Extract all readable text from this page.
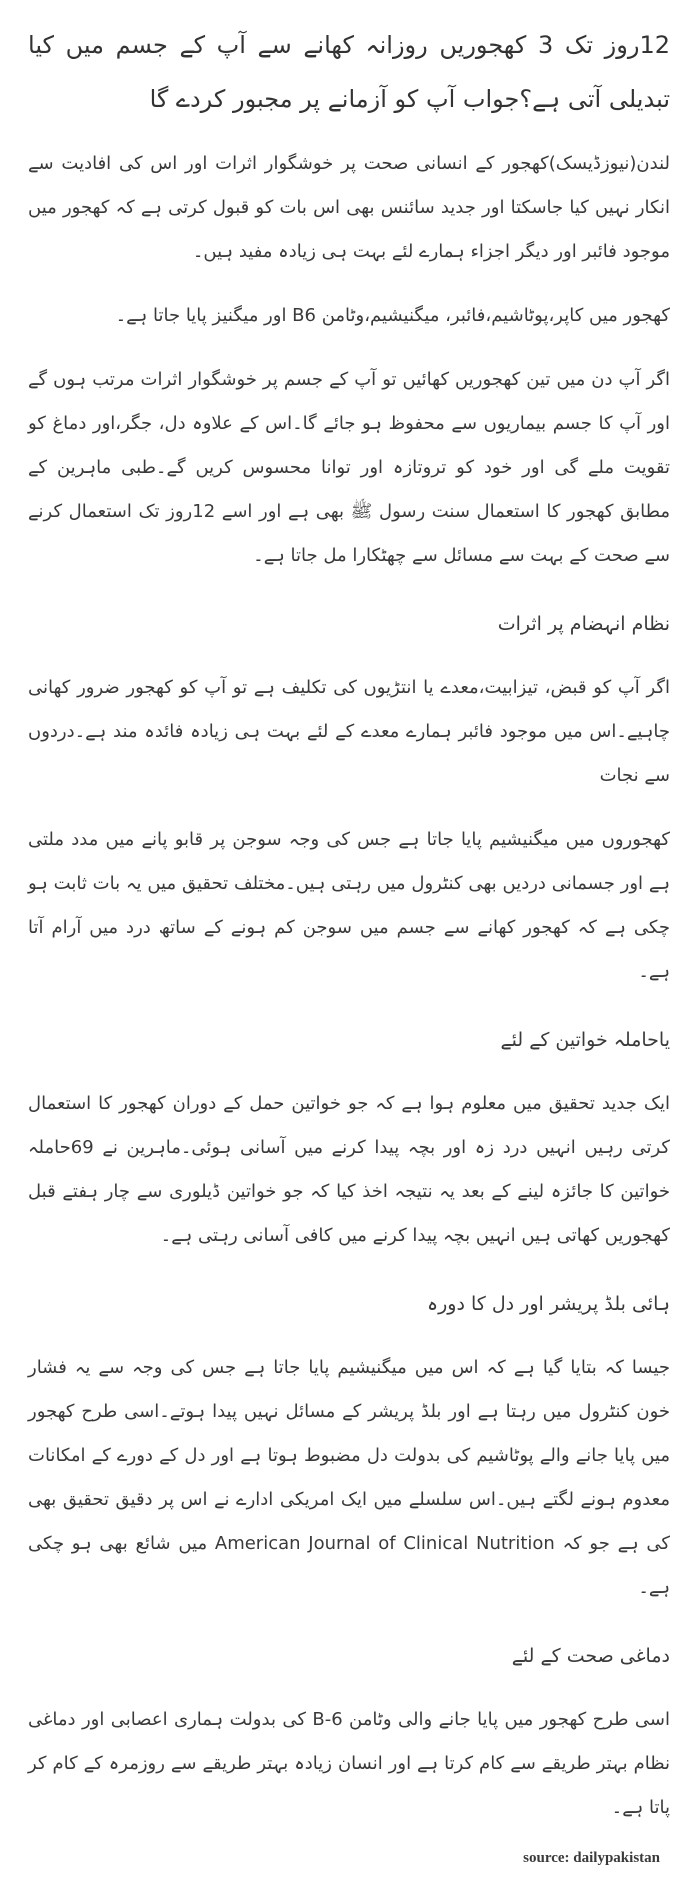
12روز تک 3 کھجوریں روزانہ کھانے سے آپ کے جسم میں کیا تبدیلی آتی ہے؟جواب آپ کو آزمانے پر مجبور کردے گا

لندن(نیوزڈیسک)کھجور کے انسانی صحت پر خوشگوار اثرات اور اس کی افادیت سے انکار نہیں کیا جاسکتا اور جدید سائنس بھی اس بات کو قبول کرتی ہے کہ کھجور میں موجود فائبر اور دیگر اجزاء ہمارے لئے بہت ہی زیادہ مفید ہیں۔

کھجور میں کاپر،پوٹاشیم،فائبر، میگنیشیم،وٹامن B6 اور میگنیز پایا جاتا ہے۔

اگر آپ دن میں تین کھجوریں کھائیں تو آپ کے جسم پر خوشگوار اثرات مرتب ہوں گے اور آپ کا جسم بیماریوں سے محفوظ ہو جائے گا۔اس کے علاوہ دل، جگر،اور دماغ کو تقویت ملے گی اور خود کو تروتازہ اور توانا محسوس کریں گے۔طبی ماہرین کے مطابق کھجور کا استعمال سنت رسول ﷺ بھی ہے اور اسے 12روز تک استعمال کرنے سے صحت کے بہت سے مسائل سے چھٹکارا مل جاتا ہے۔

نظام انہضام پر اثرات

اگر آپ کو قبض، تیزابیت،معدے یا انتڑیوں کی تکلیف ہے تو آپ کو کھجور ضرور کھانی چاہیے۔اس میں موجود فائبر ہمارے معدے کے لئے بہت ہی زیادہ فائدہ مند ہے۔دردوں سے نجات

کھجوروں میں میگنیشیم پایا جاتا ہے جس کی وجہ سوجن پر قابو پانے میں مدد ملتی ہے اور جسمانی دردیں بھی کنٹرول میں رہتی ہیں۔مختلف تحقیق میں یہ بات ثابت ہو چکی ہے کہ کھجور کھانے سے جسم میں سوجن کم ہونے کے ساتھ درد میں آرام آتا ہے۔

یاحاملہ خواتین کے لئے

ایک جدید تحقیق میں معلوم ہوا ہے کہ جو خواتین حمل کے دوران کھجور کا استعمال کرتی رہیں انہیں درد زہ اور بچہ پیدا کرنے میں آسانی ہوئی۔ماہرین نے 69حاملہ خواتین کا جائزہ لینے کے بعد یہ نتیجہ اخذ کیا کہ جو خواتین ڈیلوری سے چار ہفتے قبل کھجوریں کھاتی ہیں انہیں بچہ پیدا کرنے میں کافی آسانی رہتی ہے۔

ہائی بلڈ پریشر اور دل کا دورہ

جیسا کہ بتایا گیا ہے کہ اس میں میگنیشیم پایا جاتا ہے جس کی وجہ سے یہ فشار خون کنٹرول میں رہتا ہے اور بلڈ پریشر کے مسائل نہیں پیدا ہوتے۔اسی طرح کھجور میں پایا جانے والے پوٹاشیم کی بدولت دل مضبوط ہوتا ہے اور دل کے دورے کے امکانات معدوم ہونے لگتے ہیں۔اس سلسلے میں ایک امریکی ادارے نے اس پر دقیق تحقیق بھی کی ہے جو کہ American Journal of Clinical Nutrition میں شائع بھی ہو چکی ہے۔

دماغی صحت کے لئے

اسی طرح کھجور میں پایا جانے والی وٹامن B-6 کی بدولت ہماری اعصابی اور دماغی نظام بہتر طریقے سے کام کرتا ہے اور انسان زیادہ بہتر طریقے سے روزمرہ کے کام کر پاتا ہے۔

source: dailypakistan
